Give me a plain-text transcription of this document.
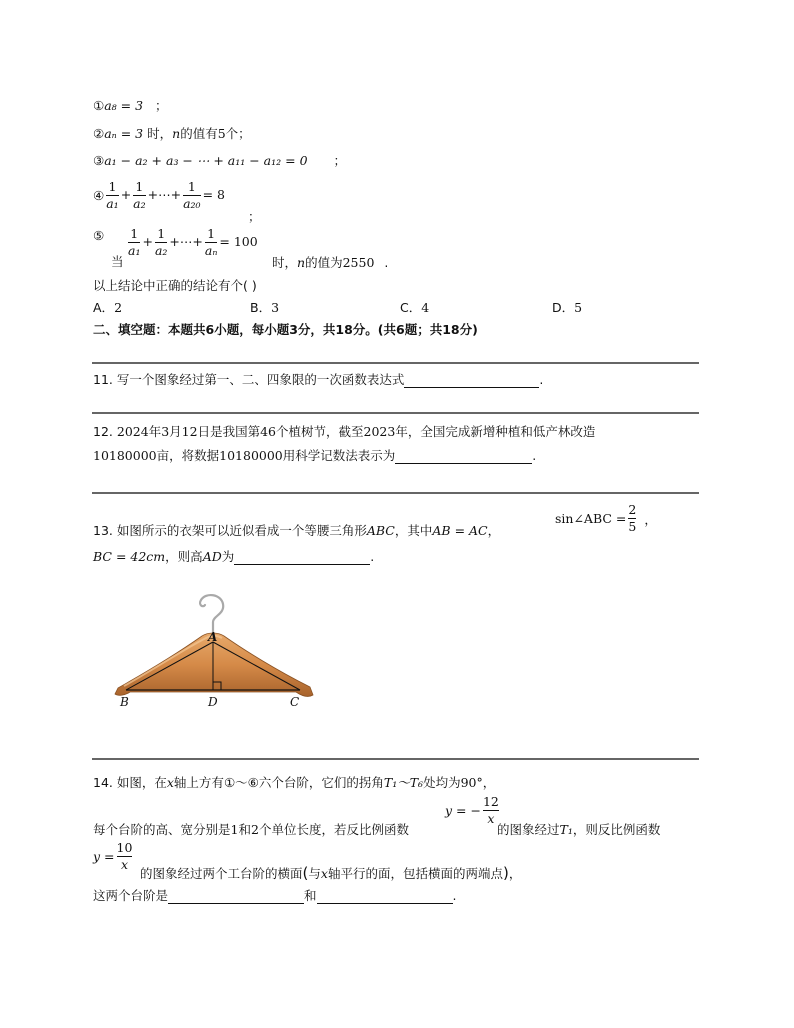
①a₈ = 3 ；
②aₙ = 3 时，n的值有5个；
③a₁ − a₂ + a₃ − ⋯ + a₁₁ − a₁₂ = 0 ；
④ $\frac{1}{\text{a₁}} + \frac{1}{\text{a₂}}$ +⋯+ $\frac{1}{\text{a₂₀}} = 8$
；
⑤
当
$\frac{1}{\text{a₁}} + \frac{1}{\text{a₂}}$ +⋯+ $\frac{1}{\text{aₙ}} = 100$
时，n的值为2550 .
以上结论中正确的结论有个( )
A．2	B．3	C．4	D．5
二、填空题：本题共6小题，每小题3分，共18分。(共6题；共18分)
11. 写一个图象经过第一、二、四象限的一次函数表达式	.
12. 2024年3月12日是我国第46个植树节，截至2023年，全国完成新增种植和低产林改造
10180000亩，将数据10180000用科学记数法表示为	.
13. 如图所示的衣架可以近似看成一个等腰三角形ABC，其中AB = AC，
sin∠ABC = $\frac{2}{5}$ ，
BC = 42cm，则高AD为	.
A
B	D	C
14. 如图，在x轴上方有①～⑥六个台阶，它们的拐角T₁～T₆处均为90°，
每个台阶的高、宽分别是1和2个单位长度，若反比例函数
y = − $\frac{12}{x}$
的图象经过T₁，则反比例函数
$y = \frac{10}{x}$
的图象经过两个工台阶的横面(与x轴平行的面，包括横面的两端点)，
这两个台阶是	和	.
